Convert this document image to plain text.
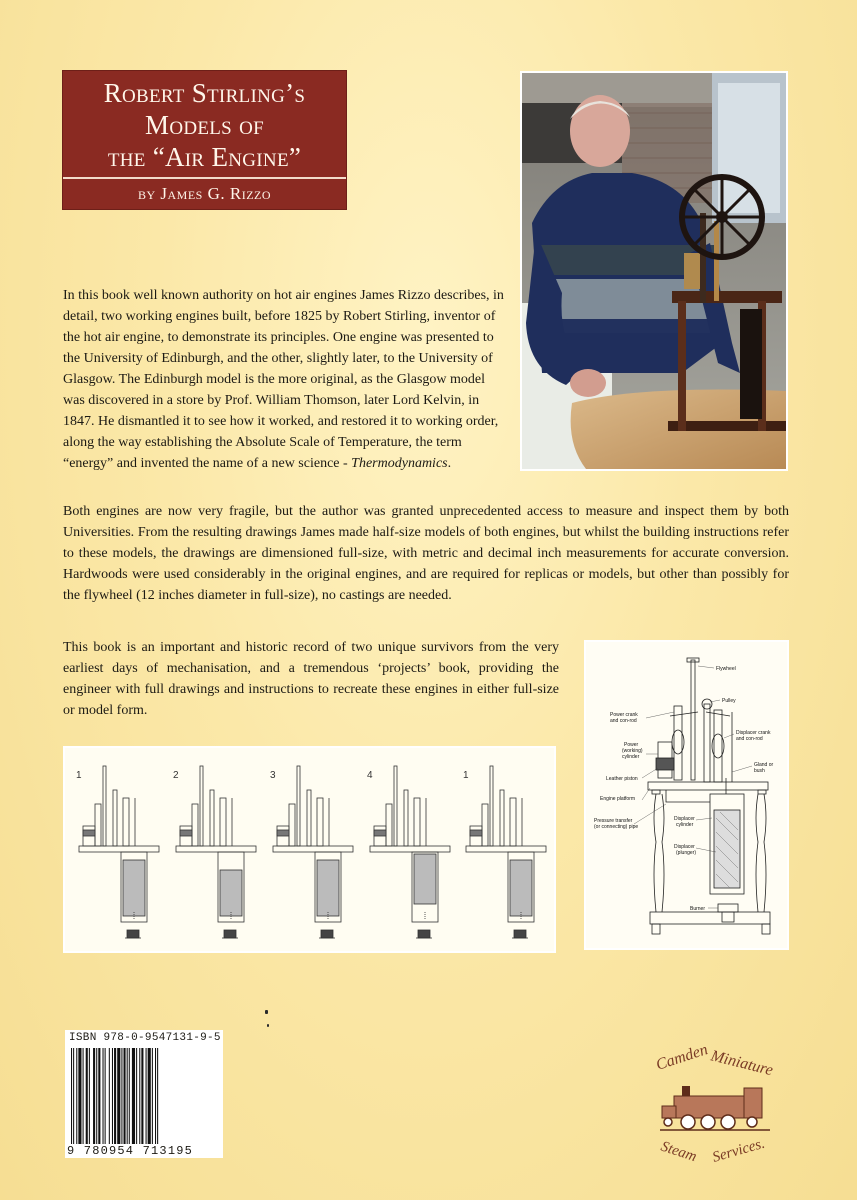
Robert Stirling’s
Models of
the “Air Engine”
by James G. Rizzo

In this book well known authority on hot air engines James Rizzo describes, in detail, two working engines built, before 1825 by Robert Stirling, inventor of the hot air engine, to demonstrate its principles. One engine was presented to the University of Edinburgh, and the other, slightly later, to the University of Glasgow. The Edinburgh model is the more original, as the Glasgow model was discovered in a store by Prof. William Thomson, later Lord Kelvin, in 1847. He dismantled it to see how it worked, and restored it to working order, along the way establishing the Absolute Scale of Temperature, the term “energy” and invented the name of a new science - Thermodynamics.

Both engines are now very fragile, but the author was granted unprecedented access to measure and inspect them by both Universities. From the resulting drawings James made half-size models of both engines, but whilst the building instructions refer to these models, the drawings are dimensioned full-size, with metric and decimal inch measurements for accurate conversion. Hardwoods were used considerably in the original engines, and are required for replicas or models, but other than possibly for the flywheel (12 inches diameter in full-size), no castings are needed.

This book is an important and historic record of two unique survivors from the very earliest days of mechanisation, and a tremendous ‘projects’ book, providing the engineer with full drawings and instructions to recreate these engines in either full-size or model form.

1	2	3	4	1
Flywheel
Pulley
Power crank
and con-rod
Displacer crank
and con-rod
Power
(working)
cylinder
Gland or
bush
Leather piston
Engine platform
Pressure transfer
(or connecting) pipe
Displacer
cylinder
Displacer
(plunger)
Burner
ISBN 978-0-9547131-9-5
9 780954 713195
Camden Miniature
Steam Services.
